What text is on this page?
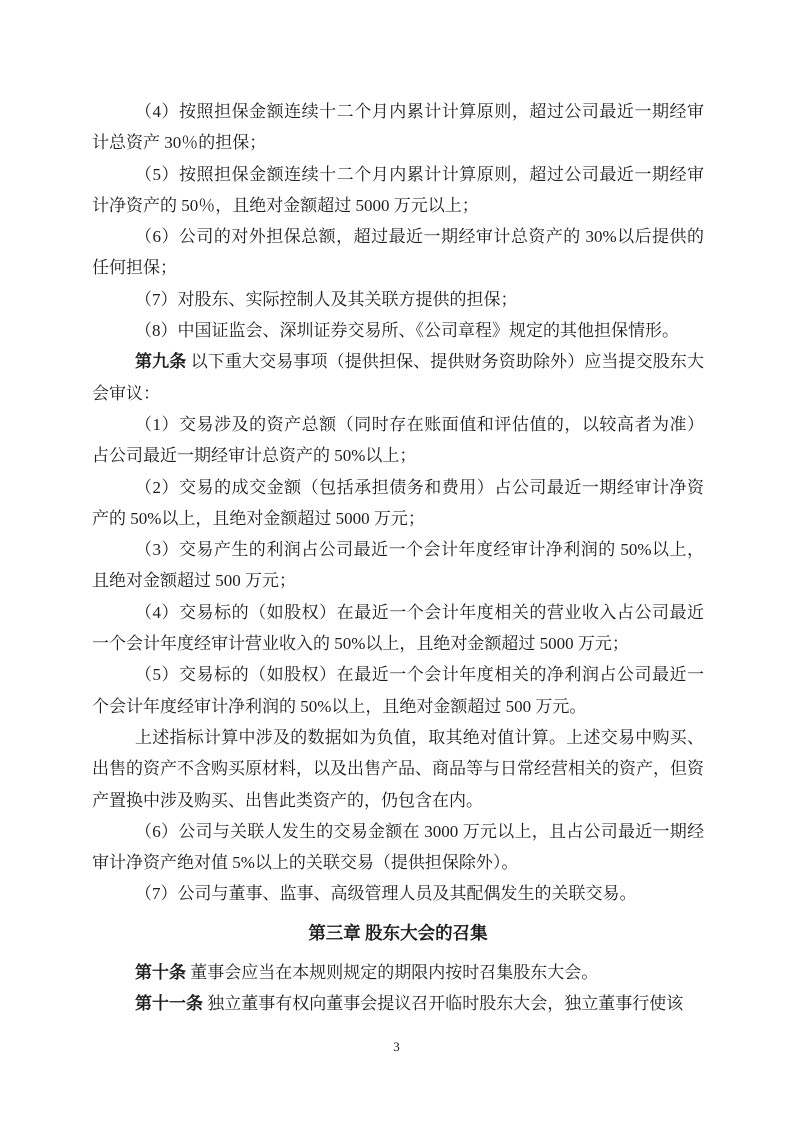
（4）按照担保金额连续十二个月内累计计算原则，超过公司最近一期经审计总资产 30％的担保；

（5）按照担保金额连续十二个月内累计计算原则，超过公司最近一期经审计净资产的 50％，且绝对金额超过 5000 万元以上；

（6）公司的对外担保总额，超过最近一期经审计总资产的 30%以后提供的任何担保；

（7）对股东、实际控制人及其关联方提供的担保；

（8）中国证监会、深圳证券交易所、《公司章程》规定的其他担保情形。

第九条 以下重大交易事项（提供担保、提供财务资助除外）应当提交股东大会审议：

（1）交易涉及的资产总额（同时存在账面值和评估值的，以较高者为准）占公司最近一期经审计总资产的 50%以上；

（2）交易的成交金额（包括承担债务和费用）占公司最近一期经审计净资产的 50%以上，且绝对金额超过 5000 万元；

（3）交易产生的利润占公司最近一个会计年度经审计净利润的 50%以上，且绝对金额超过 500 万元；

（4）交易标的（如股权）在最近一个会计年度相关的营业收入占公司最近一个会计年度经审计营业收入的 50%以上，且绝对金额超过 5000 万元；

（5）交易标的（如股权）在最近一个会计年度相关的净利润占公司最近一个会计年度经审计净利润的 50%以上，且绝对金额超过 500 万元。

上述指标计算中涉及的数据如为负值，取其绝对值计算。上述交易中购买、出售的资产不含购买原材料，以及出售产品、商品等与日常经营相关的资产，但资产置换中涉及购买、出售此类资产的，仍包含在内。

（6）公司与关联人发生的交易金额在 3000 万元以上，且占公司最近一期经审计净资产绝对值 5%以上的关联交易（提供担保除外）。

（7）公司与董事、监事、高级管理人员及其配偶发生的关联交易。

第三章 股东大会的召集

第十条 董事会应当在本规则规定的期限内按时召集股东大会。

第十一条 独立董事有权向董事会提议召开临时股东大会，独立董事行使该

3
